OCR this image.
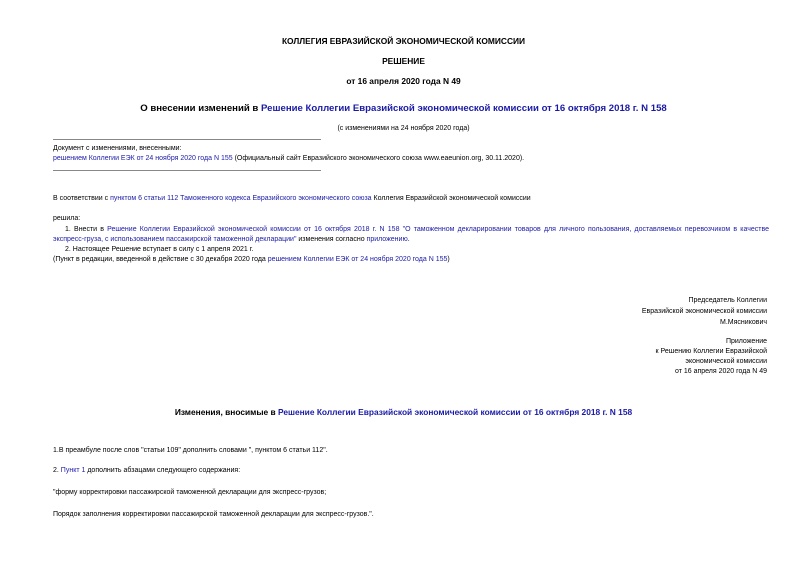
КОЛЛЕГИЯ ЕВРАЗИЙСКОЙ ЭКОНОМИЧЕСКОЙ КОМИССИИ
РЕШЕНИЕ
от 16 апреля 2020 года N 49
О внесении изменений в Решение Коллегии Евразийской экономической комиссии от 16 октября 2018 г. N 158
(с изменениями на 24 ноября 2020 года)
Документ с изменениями, внесенными:
решением Коллегии ЕЭК от 24 ноября 2020 года N 155 (Официальный сайт Евразийского экономического союза www.eaeunion.org, 30.11.2020).
В соответствии с пунктом 6 статьи 112 Таможенного кодекса Евразийского экономического союза Коллегия Евразийской экономической комиссии
решила:
1. Внести в Решение Коллегии Евразийской экономической комиссии от 16 октября 2018 г. N 158 "О таможенном декларировании товаров для личного пользования, доставляемых перевозчиком в качестве экспресс-груза, с использованием пассажирской таможенной декларации" изменения согласно приложению.
2. Настоящее Решение вступает в силу с 1 апреля 2021 г.
(Пункт в редакции, введенной в действие с 30 декабря 2020 года решением Коллегии ЕЭК от 24 ноября 2020 года N 155)
Председатель Коллегии
Евразийской экономической комиссии
М.Мясникович
Приложение
к Решению Коллегии Евразийской
экономической комиссии
от 16 апреля 2020 года N 49
Изменения, вносимые в Решение Коллегии Евразийской экономической комиссии от 16 октября 2018 г. N 158
1.В преамбуле после слов "статьи 109" дополнить словами ", пунктом 6 статьи 112".
2. Пункт 1 дополнить абзацами следующего содержания:
"форму корректировки пассажирской таможенной декларации для экспресс-грузов;
Порядок заполнения корректировки пассажирской таможенной декларации для экспресс-грузов.".
